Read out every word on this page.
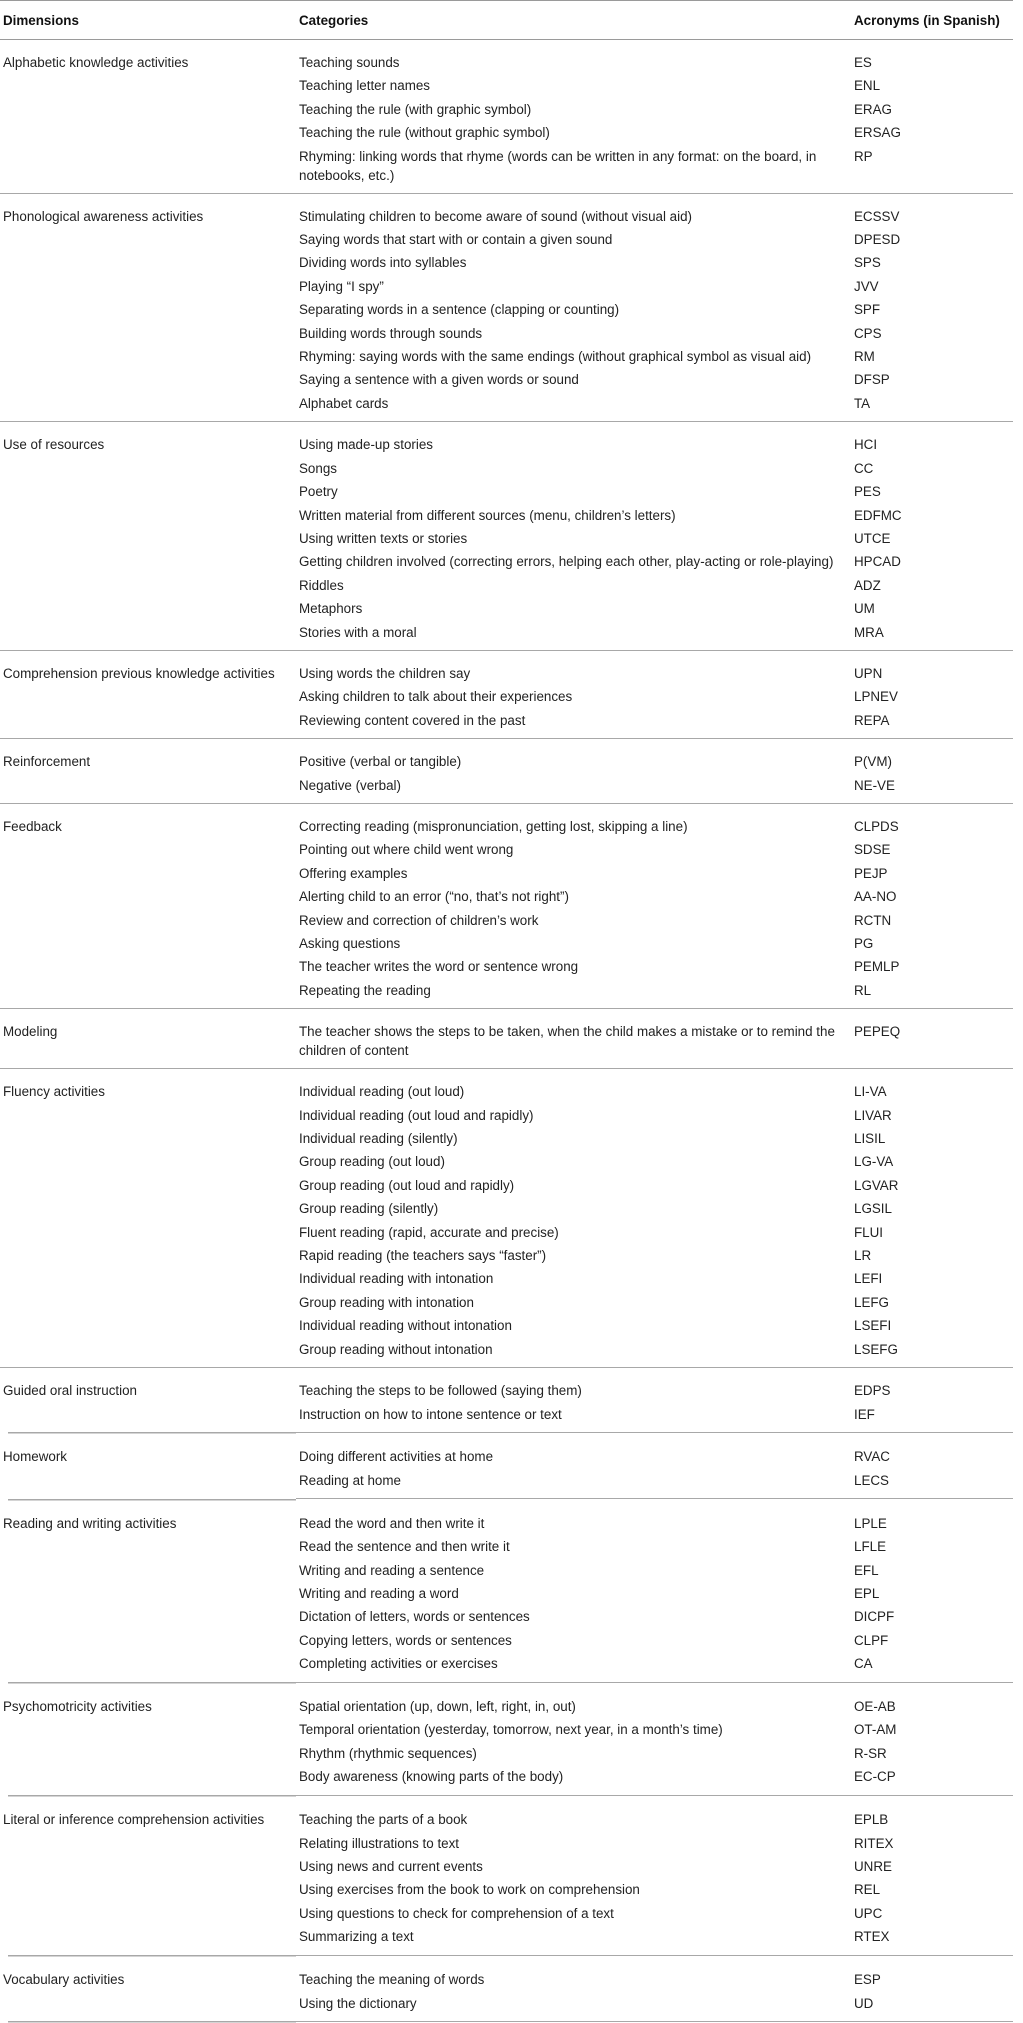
Dimensions	Categories	Acronyms (in Spanish)
Alphabetic knowledge activities	Teaching sounds	ES
	Teaching letter names	ENL
	Teaching the rule (with graphic symbol)	ERAG
	Teaching the rule (without graphic symbol)	ERSAG

	Rhyming: linking words that rhyme (words can be written in any format: on the board, in notebooks, etc.)	RP

Phonological awareness activities	Stimulating children to become aware of sound (without visual aid)	ECSSV
	Saying words that start with or contain a given sound	DPESD
	Dividing words into syllables	SPS
	Playing “I spy”	JVV
	Separating words in a sentence (clapping or counting)	SPF
	Building words through sounds	CPS
	Rhyming: saying words with the same endings (without graphical symbol as visual aid)	RM
	Saying a sentence with a given words or sound	DFSP
	Alphabet cards	TA

Use of resources	Using made-up stories	HCI
	Songs	CC
	Poetry	PES
	Written material from different sources (menu, children’s letters)	EDFMC
	Using written texts or stories	UTCE

	Getting children involved (correcting errors, helping each other, play-acting or role-playing)	HPCAD
	Riddles	ADZ
	Metaphors	UM
	Stories with a moral	MRA

Comprehension previous knowledge activities	Using words the children say	UPN
	Asking children to talk about their experiences	LPNEV
	Reviewing content covered in the past	REPA

Reinforcement	Positive (verbal or tangible)	P(VM)
	Negative (verbal)	NE-VE

Feedback	Correcting reading (mispronunciation, getting lost, skipping a line)	CLPDS
	Pointing out where child went wrong	SDSE
	Offering examples	PEJP
	Alerting child to an error (“no, that’s not right”)	AA-NO
	Review and correction of children’s work	RCTN
	Asking questions	PG
	The teacher writes the word or sentence wrong	PEMLP
	Repeating the reading	RL

Modeling	The teacher shows the steps to be taken, when the child makes a mistake or to remind the children of content	PEPEQ

Fluency activities	Individual reading (out loud)	LI-VA
	Individual reading (out loud and rapidly)	LIVAR
	Individual reading (silently)	LISIL
	Group reading (out loud)	LG-VA
	Group reading (out loud and rapidly)	LGVAR
	Group reading (silently)	LGSIL
	Fluent reading (rapid, accurate and precise)	FLUI
	Rapid reading (the teachers says “faster”)	LR
	Individual reading with intonation	LEFI
	Group reading with intonation	LEFG
	Individual reading without intonation	LSEFI
	Group reading without intonation	LSEFG

Guided oral instruction	Teaching the steps to be followed (saying them)	EDPS
	Instruction on how to intone sentence or text	IEF

Homework	Doing different activities at home	RVAC
	Reading at home	LECS

Reading and writing activities	Read the word and then write it	LPLE
	Read the sentence and then write it	LFLE
	Writing and reading a sentence	EFL
	Writing and reading a word	EPL
	Dictation of letters, words or sentences	DICPF
	Copying letters, words or sentences	CLPF
	Completing activities or exercises	CA

Psychomotricity activities	Spatial orientation (up, down, left, right, in, out)	OE-AB
	Temporal orientation (yesterday, tomorrow, next year, in a month’s time)	OT-AM
	Rhythm (rhythmic sequences)	R-SR
	Body awareness (knowing parts of the body)	EC-CP

Literal or inference comprehension activities	Teaching the parts of a book	EPLB
	Relating illustrations to text	RITEX
	Using news and current events	UNRE
	Using exercises from the book to work on comprehension	REL
	Using questions to check for comprehension of a text	UPC
	Summarizing a text	RTEX

Vocabulary activities	Teaching the meaning of words	ESP
	Using the dictionary	UD
